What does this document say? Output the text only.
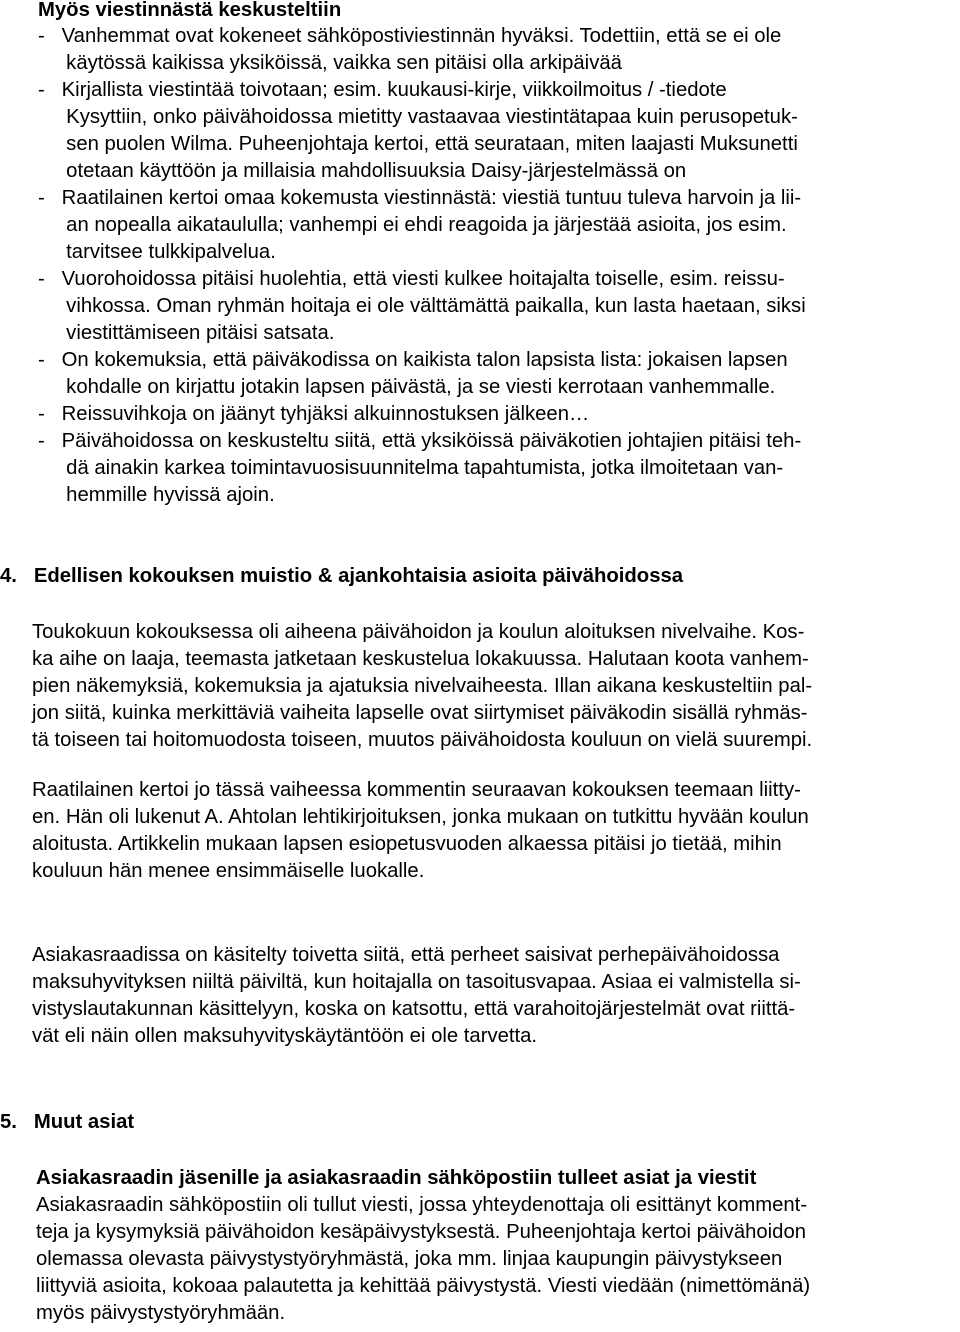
Myös viestinnästä keskusteltiin
-   Vanhemmat ovat kokeneet sähköpostiviestinnän hyväksi. Todettiin, että se ei ole
käytössä kaikissa yksiköissä, vaikka sen pitäisi olla arkipäivää
-   Kirjallista viestintää toivotaan; esim. kuukausi-kirje, viikkoilmoitus / -tiedote
Kysyttiin, onko päivähoidossa mietitty vastaavaa viestintätapaa kuin perusopetuk-
sen puolen Wilma. Puheenjohtaja kertoi, että seurataan, miten laajasti Muksunetti
otetaan käyttöön ja millaisia mahdollisuuksia Daisy-järjestelmässä on
-   Raatilainen kertoi omaa kokemusta viestinnästä: viestiä tuntuu tuleva harvoin ja lii-
an nopealla aikataululla; vanhempi ei ehdi reagoida ja järjestää asioita, jos esim.
tarvitsee tulkkipalvelua.
-   Vuorohoidossa pitäisi huolehtia, että viesti kulkee hoitajalta toiselle, esim. reissu-
vihkossa. Oman ryhmän hoitaja ei ole välttämättä paikalla, kun lasta haetaan, siksi
viestittämiseen pitäisi satsata.
-   On kokemuksia, että päiväkodissa on kaikista talon lapsista lista: jokaisen lapsen
kohdalle on kirjattu jotakin lapsen päivästä, ja se viesti kerrotaan vanhemmalle.
-   Reissuvihkoja on jäänyt tyhjäksi alkuinnostuksen jälkeen…
-   Päivähoidossa on keskusteltu siitä, että yksiköissä päiväkotien johtajien pitäisi teh-
dä ainakin karkea toimintavuosisuunnitelma tapahtumista, jotka ilmoitetaan van-
hemmille hyvissä ajoin.
4.   Edellisen kokouksen muistio & ajankohtaisia asioita päivähoidossa
Toukokuun kokouksessa oli aiheena päivähoidon ja koulun aloituksen nivelvaihe. Kos-
ka aihe on laaja, teemasta jatketaan keskustelua lokakuussa. Halutaan koota vanhem-
pien näkemyksiä, kokemuksia ja ajatuksia nivelvaiheesta. Illan aikana keskusteltiin pal-
jon siitä, kuinka merkittäviä vaiheita lapselle ovat siirtymiset päiväkodin sisällä ryhmäs-
tä toiseen tai hoitomuodosta toiseen, muutos päivähoidosta kouluun on vielä suurempi.
Raatilainen kertoi jo tässä vaiheessa kommentin seuraavan kokouksen teemaan liitty-
en. Hän oli lukenut A. Ahtolan lehtikirjoituksen, jonka mukaan on tutkittu hyvään koulun
aloitusta. Artikkelin mukaan lapsen esiopetusvuoden alkaessa pitäisi jo tietää, mihin
kouluun hän menee ensimmäiselle luokalle.
Asiakasraadissa on käsitelty toivetta siitä, että perheet saisivat perhepäivähoidossa
maksuhyvityksen niiltä päiviltä, kun hoitajalla on tasoitusvapaa. Asiaa ei valmistella si-
vistyslautakunnan käsittelyyn, koska on katsottu, että varahoitojärjestelmät ovat riittä-
vät eli näin ollen maksuhyvityskäytäntöön ei ole tarvetta.
5.   Muut asiat
Asiakasraadin jäsenille ja asiakasraadin sähköpostiin tulleet asiat ja viestit
Asiakasraadin sähköpostiin oli tullut viesti, jossa yhteydenottaja oli esittänyt komment-
teja ja kysymyksiä päivähoidon kesäpäivystyksestä. Puheenjohtaja kertoi päivähoidon
olemassa olevasta päivystystyöryhmästä, joka mm. linjaa kaupungin päivystykseen
liittyviä asioita, kokoaa palautetta ja kehittää päivystystä. Viesti viedään (nimettömänä)
myös päivystystyöryhmään.
